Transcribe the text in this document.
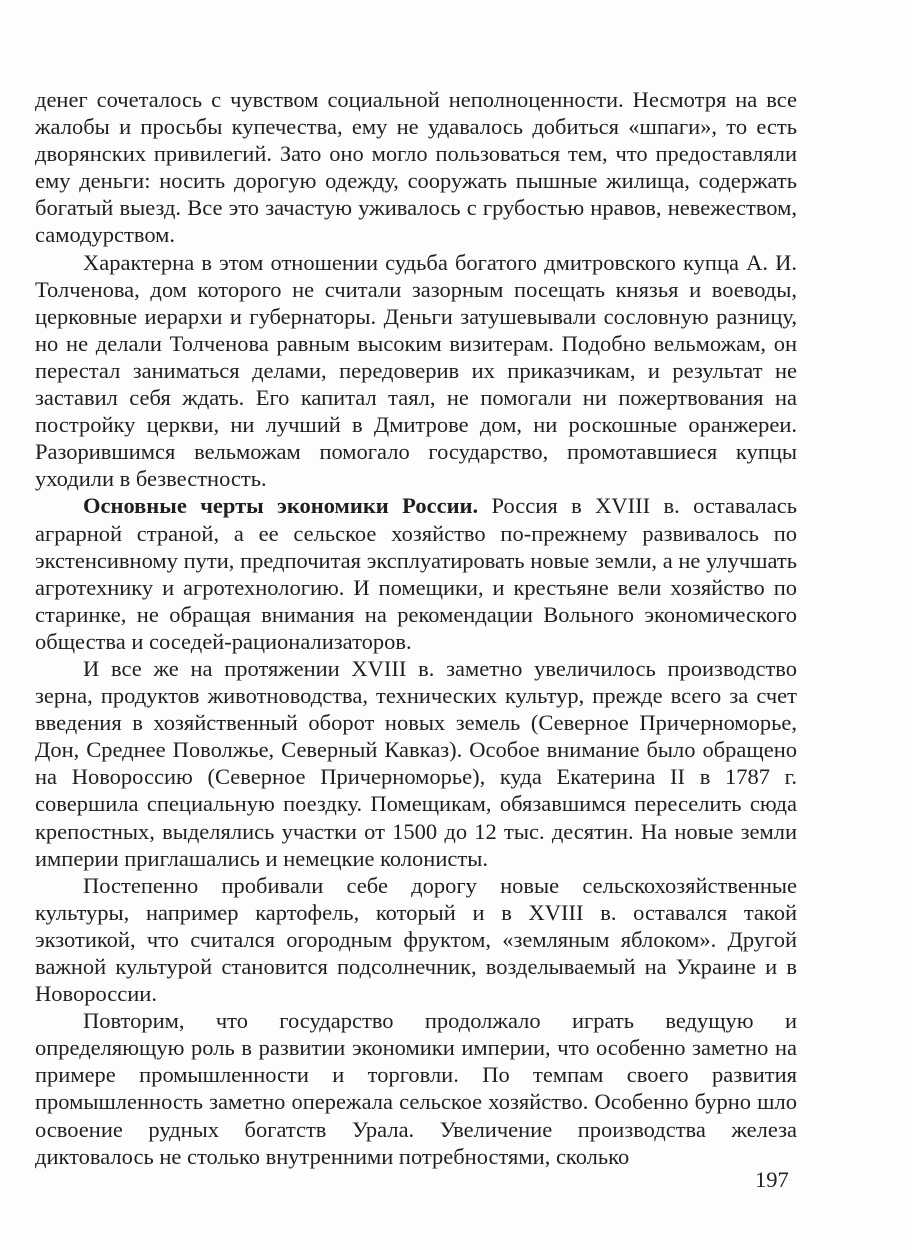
денег сочеталось с чувством социальной неполноценности. Несмотря на все жалобы и просьбы купечества, ему не удавалось добиться «шпаги», то есть дворянских привилегий. Зато оно могло пользоваться тем, что предоставляли ему деньги: носить дорогую одежду, сооружать пышные жилища, содержать богатый выезд. Все это зачастую уживалось с грубостью нравов, невежеством, самодурством.

Характерна в этом отношении судьба богатого дмитровского купца А. И. Толченова, дом которого не считали зазорным посещать князья и воеводы, церковные иерархи и губернаторы. Деньги затушевывали сословную разницу, но не делали Толченова равным высоким визитерам. Подобно вельможам, он перестал заниматься делами, передоверив их приказчикам, и результат не заставил себя ждать. Его капитал таял, не помогали ни пожертвования на постройку церкви, ни лучший в Дмитрове дом, ни роскошные оранжереи. Разорившимся вельможам помогало государство, промотавшиеся купцы уходили в безвестность.

Основные черты экономики России. Россия в XVIII в. оставалась аграрной страной, а ее сельское хозяйство по-прежнему развивалось по экстенсивному пути, предпочитая эксплуатировать новые земли, а не улучшать агротехнику и агротехнологию. И помещики, и крестьяне вели хозяйство по старинке, не обращая внимания на рекомендации Вольного экономического общества и соседей-рационализаторов.

И все же на протяжении XVIII в. заметно увеличилось производство зерна, продуктов животноводства, технических культур, прежде всего за счет введения в хозяйственный оборот новых земель (Северное Причерноморье, Дон, Среднее Поволжье, Северный Кавказ). Особое внимание было обращено на Новороссию (Северное Причерноморье), куда Екатерина II в 1787 г. совершила специальную поездку. Помещикам, обязавшимся переселить сюда крепостных, выделялись участки от 1500 до 12 тыс. десятин. На новые земли империи приглашались и немецкие колонисты.

Постепенно пробивали себе дорогу новые сельскохозяйственные культуры, например картофель, который и в XVIII в. оставался такой экзотикой, что считался огородным фруктом, «земляным яблоком». Другой важной культурой становится подсолнечник, возделываемый на Украине и в Новороссии.

Повторим, что государство продолжало играть ведущую и определяющую роль в развитии экономики империи, что особенно заметно на примере промышленности и торговли. По темпам своего развития промышленность заметно опережала сельское хозяйство. Особенно бурно шло освоение рудных богатств Урала. Увеличение производства железа диктовалось не столько внутренними потребностями, сколько

197
